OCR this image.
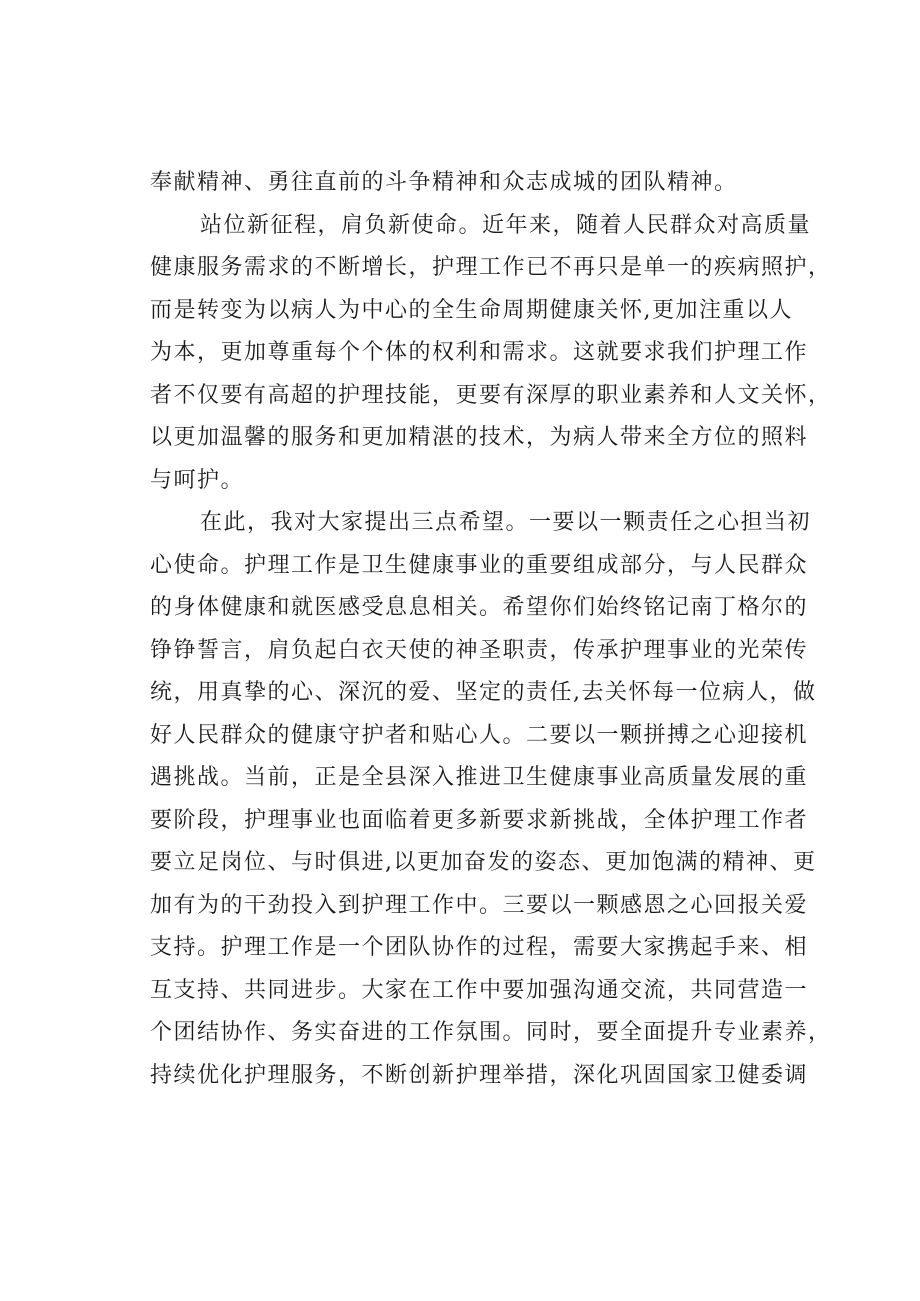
奉献精神、勇往直前的斗争精神和众志成城的团队精神。
站位新征程，肩负新使命。近年来，随着人民群众对高质量
健康服务需求的不断增长，护理工作已不再只是单一的疾病照护，
而是转变为以病人为中心的全生命周期健康关怀,更加注重以人
为本，更加尊重每个个体的权利和需求。这就要求我们护理工作
者不仅要有高超的护理技能，更要有深厚的职业素养和人文关怀，
以更加温馨的服务和更加精湛的技术，为病人带来全方位的照料
与呵护。
在此，我对大家提出三点希望。一要以一颗责任之心担当初
心使命。护理工作是卫生健康事业的重要组成部分，与人民群众
的身体健康和就医感受息息相关。希望你们始终铭记南丁格尔的
铮铮誓言，肩负起白衣天使的神圣职责，传承护理事业的光荣传
统，用真挚的心、深沉的爱、坚定的责任,去关怀每一位病人，做
好人民群众的健康守护者和贴心人。二要以一颗拼搏之心迎接机
遇挑战。当前，正是全县深入推进卫生健康事业高质量发展的重
要阶段，护理事业也面临着更多新要求新挑战，全体护理工作者
要立足岗位、与时俱进,以更加奋发的姿态、更加饱满的精神、更
加有为的干劲投入到护理工作中。三要以一颗感恩之心回报关爱
支持。护理工作是一个团队协作的过程，需要大家携起手来、相
互支持、共同进步。大家在工作中要加强沟通交流，共同营造一
个团结协作、务实奋进的工作氛围。同时，要全面提升专业素养，
持续优化护理服务，不断创新护理举措，深化巩固国家卫健委调
